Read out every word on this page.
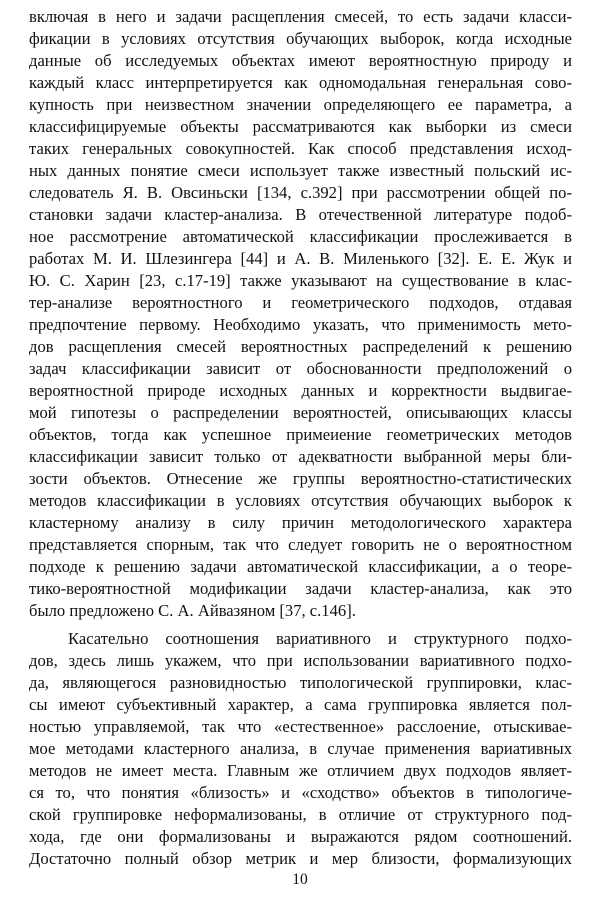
включая в него и задачи расщепления смесей, то есть задачи класси-
фикации в условиях отсутствия обучающих выборок, когда исходные
данные об исследуемых объектах имеют вероятностную природу и
каждый класс интерпретируется как одномодальная генеральная сово-
купность при неизвестном значении определяющего ее параметра, а
классифицируемые объекты рассматриваются как выборки из смеси
таких генеральных совокупностей. Как способ представления исход-
ных данных понятие смеси использует также известный польский ис-
следователь Я. В. Овсиньски [134, с.392] при рассмотрении общей по-
становки задачи кластер-анализа. В отечественной литературе подоб-
ное рассмотрение автоматической классификации прослеживается в
работах М. И. Шлезингера [44] и А. В. Миленького [32]. Е. Е. Жук и
Ю. С. Харин [23, с.17-19] также указывают на существование в клас-
тер-анализе вероятностного и геометрического подходов, отдавая
предпочтение первому. Необходимо указать, что применимость мето-
дов расщепления смесей вероятностных распределений к решению
задач классификации зависит от обоснованности предположений о
вероятностной природе исходных данных и корректности выдвигае-
мой гипотезы о распределении вероятностей, описывающих классы
объектов, тогда как успешное примеиение геометрических методов
классификации зависит только от адекватности выбранной меры бли-
зости объектов. Отнесение же группы вероятностно-статистических
методов классификации в условиях отсутствия обучающих выборок к
кластерному анализу в силу причин методологического характера
представляется спорным, так что следует говорить не о вероятностном
подходе к решению задачи автоматической классификации, а о теоре-
тико-вероятностной модификации задачи кластер-анализа, как это
было предложено С. А. Айвазяном [37, с.146].
Касательно соотношения вариативного и структурного подхо-
дов, здесь лишь укажем, что при использовании вариативного подхо-
да, являющегося разновидностью типологической группировки, клас-
сы имеют субъективный характер, а сама группировка является пол-
ностью управляемой, так что «естественное» расслоение, отыскивае-
мое методами кластерного анализа, в случае применения вариативных
методов не имеет места. Главным же отличием двух подходов являет-
ся то, что понятия «близость» и «сходство» объектов в типологиче-
ской группировке неформализованы, в отличие от структурного под-
хода, где они формализованы и выражаются рядом соотношений.
Достаточно полный обзор метрик и мер близости, формализующих
10
